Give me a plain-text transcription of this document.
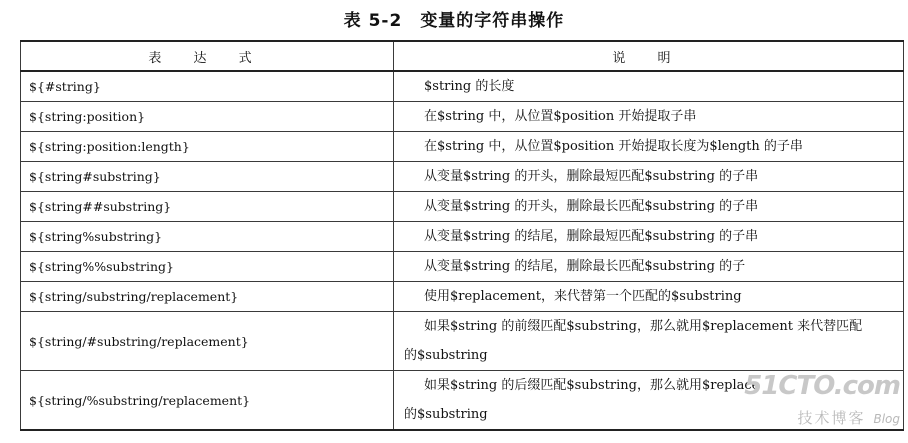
表 5-2 变量的字符串操作
表 达 式	说 明
${#string}	$string 的长度
${string:position}	在$string 中，从位置$position 开始提取子串
${string:position:length}	在$string 中，从位置$position 开始提取长度为$length 的子串
${string#substring}	从变量$string 的开头，删除最短匹配$substring 的子串
${string##substring}	从变量$string 的开头，删除最长匹配$substring 的子串
${string%substring}	从变量$string 的结尾，删除最短匹配$substring 的子串
${string%%substring}	从变量$string 的结尾，删除最长匹配$substring 的子
${string/substring/replacement}	使用$replacement，来代替第一个匹配的$substring
${string/#substring/replacement}	如果$string 的前缀匹配$substring，那么就用$replacement 来代替匹配
的$substring
${string/%substring/replacement}	如果$string 的后缀匹配$substring，那么就用$replace
的$substring
51CTO.com
技术博客 Blog
